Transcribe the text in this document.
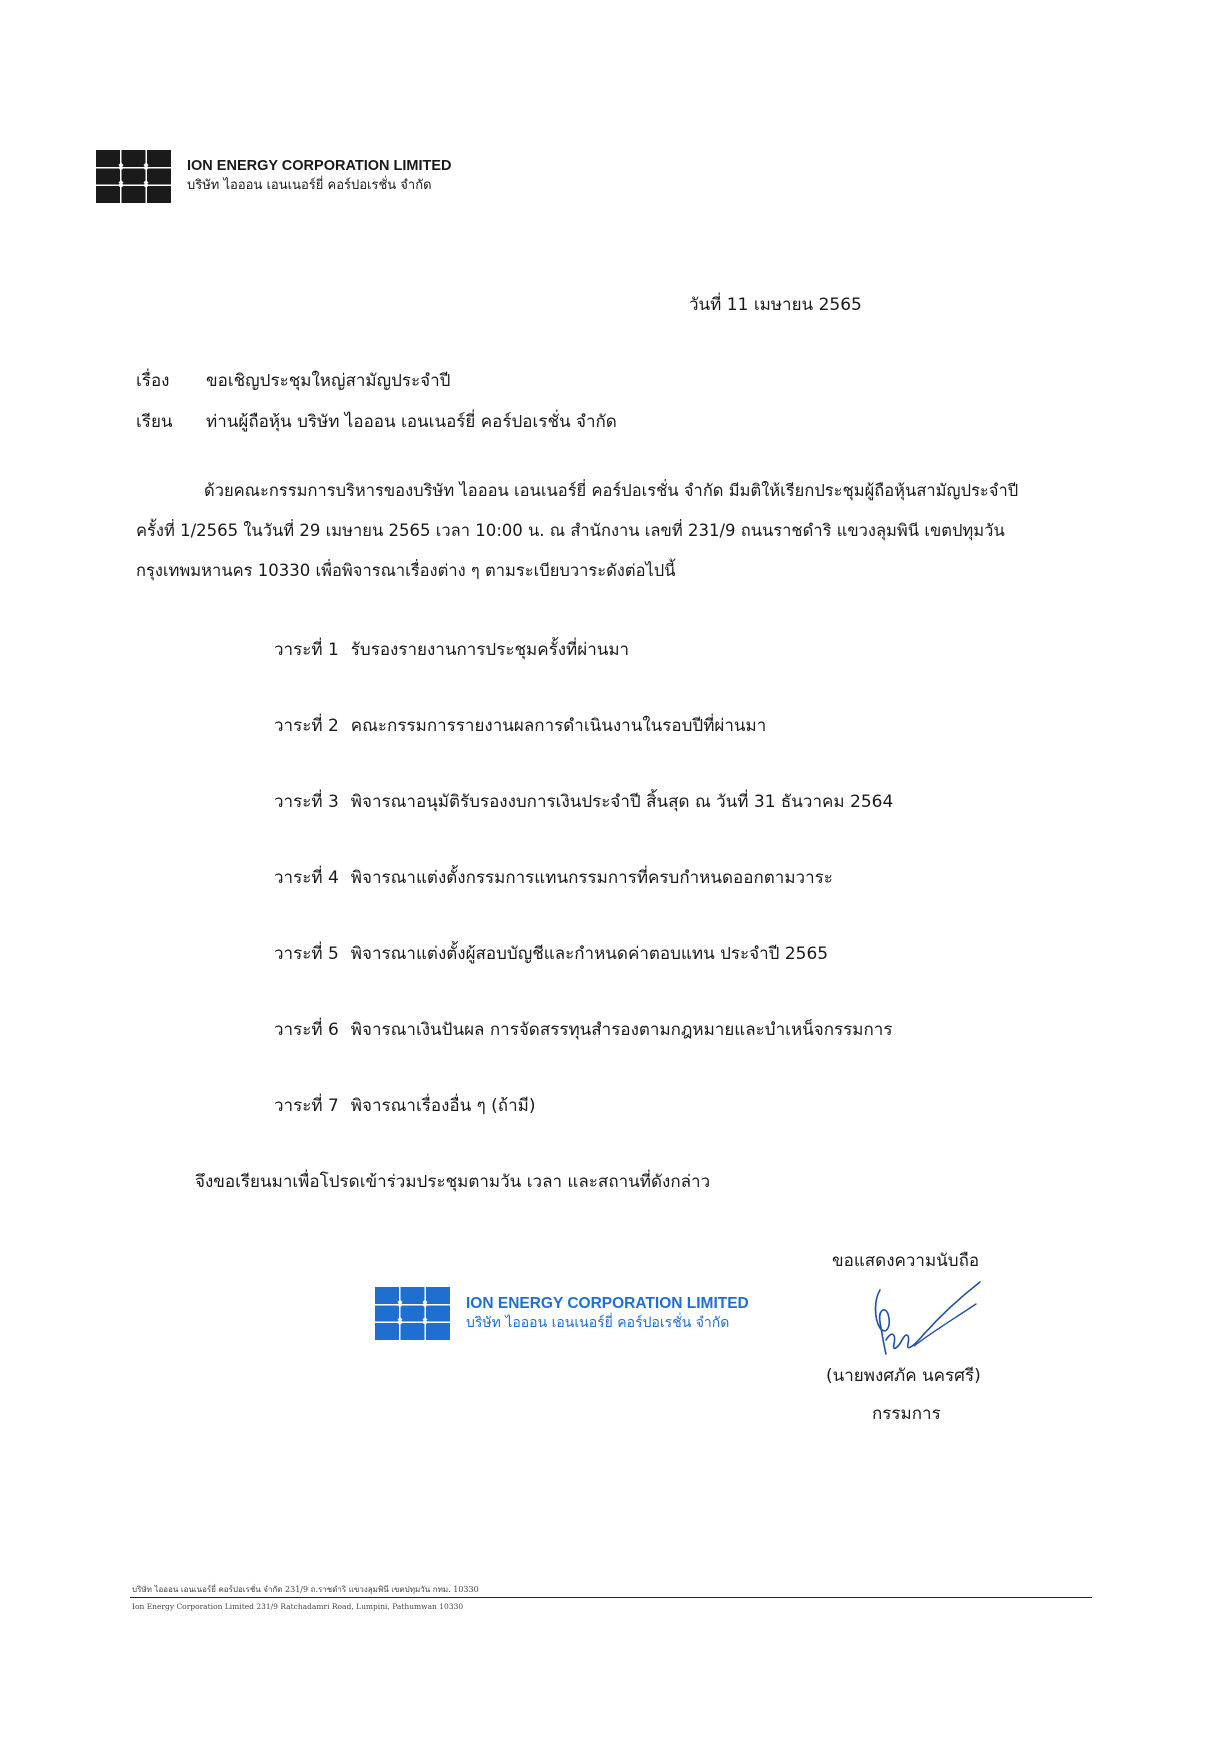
ION ENERGY CORPORATION LIMITED
บริษัท ไอออน เอนเนอร์ยี่ คอร์ปอเรชั่น จำกัด
วันที่ 11 เมษายน 2565
เรื่อง ขอเชิญประชุมใหญ่สามัญประจำปี
เรียน ท่านผู้ถือหุ้น บริษัท ไอออน เอนเนอร์ยี่ คอร์ปอเรชั่น จำกัด
ด้วยคณะกรรมการบริหารของบริษัท ไอออน เอนเนอร์ยี่ คอร์ปอเรชั่น จำกัด มีมติให้เรียกประชุมผู้ถือหุ้นสามัญประจำปี
ครั้งที่ 1/2565 ในวันที่ 29 เมษายน 2565 เวลา 10:00 น. ณ สำนักงาน เลขที่ 231/9 ถนนราชดำริ แขวงลุมพินี เขตปทุมวัน
กรุงเทพมหานคร 10330 เพื่อพิจารณาเรื่องต่าง ๆ ตามระเบียบวาระดังต่อไปนี้
วาระที่ 1 รับรองรายงานการประชุมครั้งที่ผ่านมา
วาระที่ 2 คณะกรรมการรายงานผลการดำเนินงานในรอบปีที่ผ่านมา
วาระที่ 3 พิจารณาอนุมัติรับรองงบการเงินประจำปี สิ้นสุด ณ วันที่ 31 ธันวาคม 2564
วาระที่ 4 พิจารณาแต่งตั้งกรรมการแทนกรรมการที่ครบกำหนดออกตามวาระ
วาระที่ 5 พิจารณาแต่งตั้งผู้สอบบัญชีและกำหนดค่าตอบแทน ประจำปี 2565
วาระที่ 6 พิจารณาเงินปันผล การจัดสรรทุนสำรองตามกฎหมายและบำเหน็จกรรมการ
วาระที่ 7 พิจารณาเรื่องอื่น ๆ (ถ้ามี)
จึงขอเรียนมาเพื่อโปรดเข้าร่วมประชุมตามวัน เวลา และสถานที่ดังกล่าว
ขอแสดงความนับถือ
ION ENERGY CORPORATION LIMITED
บริษัท ไอออน เอนเนอร์ยี่ คอร์ปอเรชั่น จำกัด
(นายพงศภัค นครศรี)
กรรมการ
บริษัท ไอออน เอนเนอร์ยี่ คอร์ปอเรชั่น จำกัด 231/9 ถ.ราชดำริ แขวงลุมพินี เขตปทุมวัน กทม. 10330
Ion Energy Corporation Limited 231/9 Ratchadamri Road, Lumpini, Pathumwan 10330
